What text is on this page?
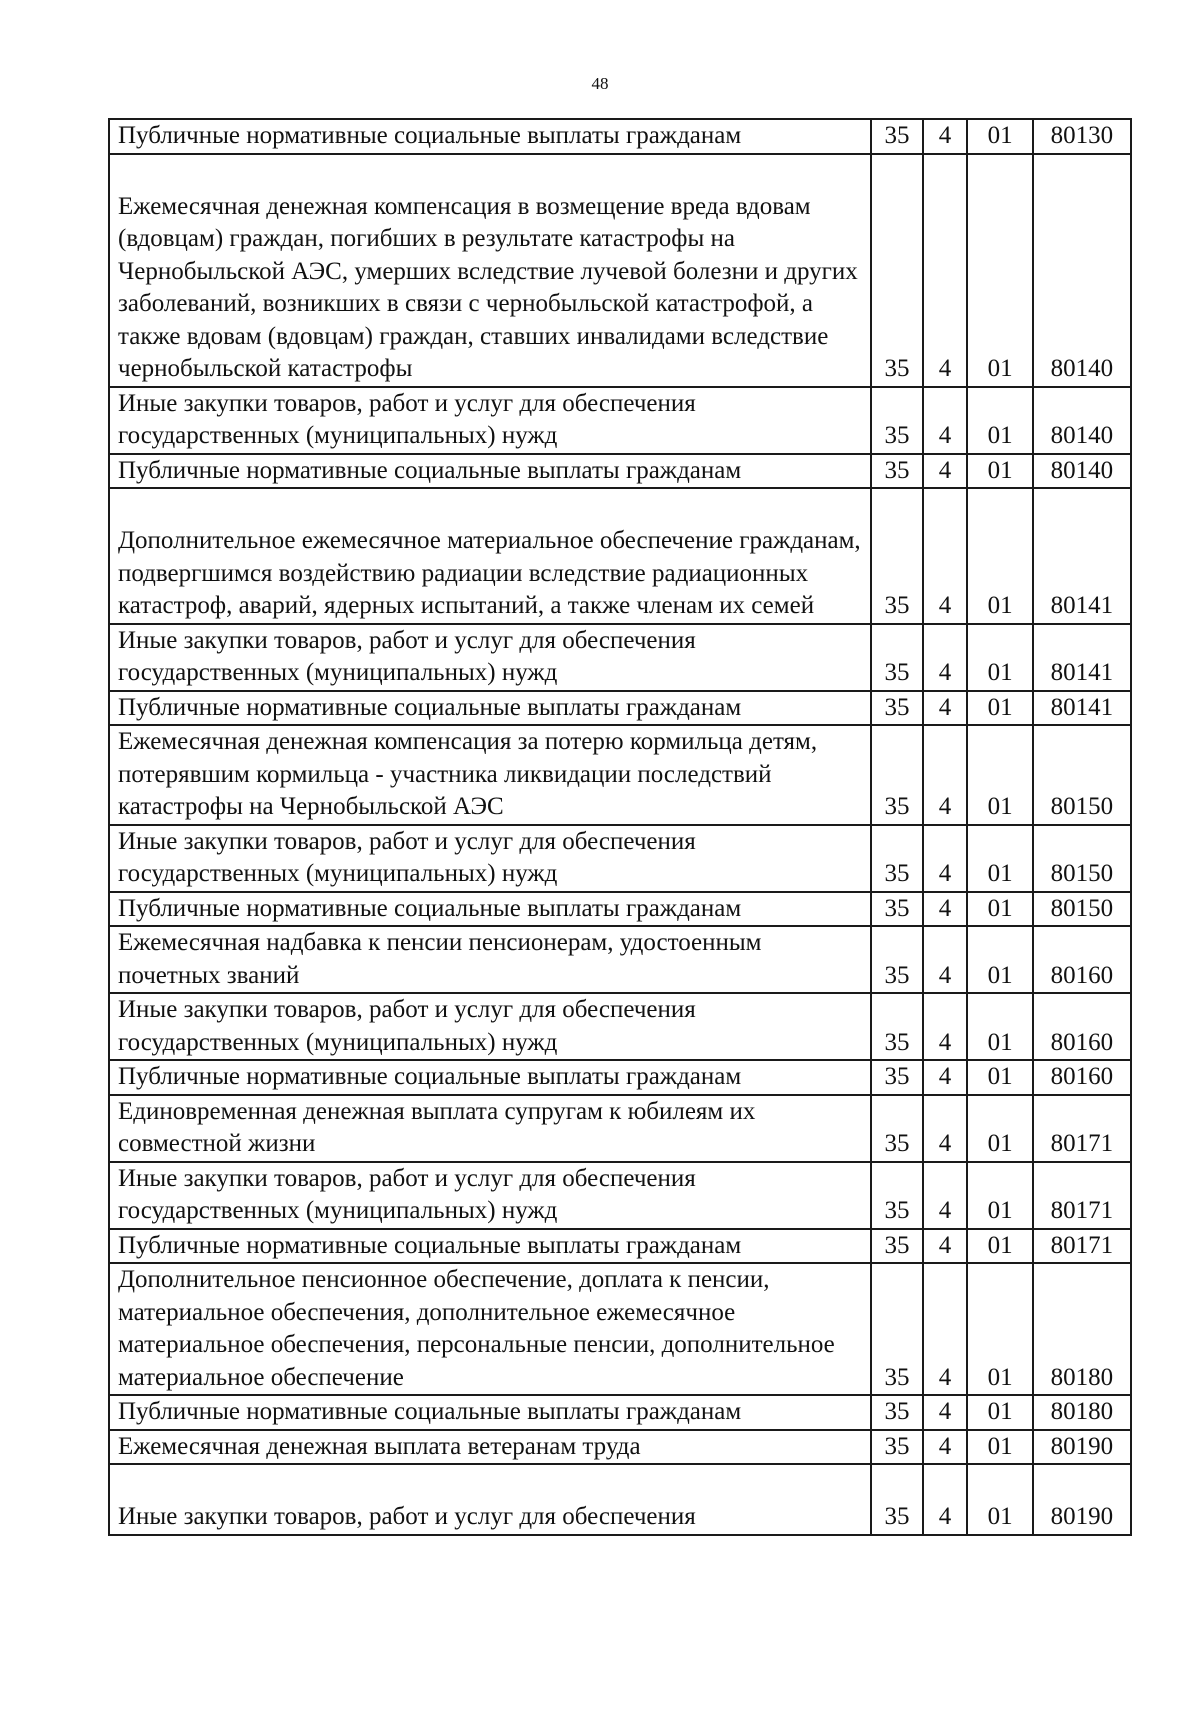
48
Публичные нормативные социальные выплаты гражданам	35	4	01	80130
Ежемесячная денежная компенсация в возмещение вреда вдовам (вдовцам) граждан, погибших в результате катастрофы на Чернобыльской АЭС, умерших вследствие лучевой болезни и других заболеваний, возникших в связи с чернобыльской катастрофой, а также вдовам (вдовцам) граждан, ставших инвалидами вследствие чернобыльской катастрофы	35	4	01	80140
Иные закупки товаров, работ и услуг для обеспечения государственных (муниципальных) нужд	35	4	01	80140
Публичные нормативные социальные выплаты гражданам	35	4	01	80140
Дополнительное ежемесячное материальное обеспечение гражданам, подвергшимся воздействию радиации вследствие радиационных катастроф, аварий, ядерных испытаний, а также членам их семей	35	4	01	80141
Иные закупки товаров, работ и услуг для обеспечения государственных (муниципальных) нужд	35	4	01	80141
Публичные нормативные социальные выплаты гражданам	35	4	01	80141
Ежемесячная денежная компенсация за потерю кормильца детям, потерявшим кормильца - участника ликвидации последствий катастрофы на Чернобыльской АЭС	35	4	01	80150
Иные закупки товаров, работ и услуг для обеспечения государственных (муниципальных) нужд	35	4	01	80150
Публичные нормативные социальные выплаты гражданам	35	4	01	80150
Ежемесячная надбавка к пенсии пенсионерам, удостоенным почетных званий	35	4	01	80160
Иные закупки товаров, работ и услуг для обеспечения государственных (муниципальных) нужд	35	4	01	80160
Публичные нормативные социальные выплаты гражданам	35	4	01	80160
Единовременная денежная выплата супругам к юбилеям их совместной жизни	35	4	01	80171
Иные закупки товаров, работ и услуг для обеспечения государственных (муниципальных) нужд	35	4	01	80171
Публичные нормативные социальные выплаты гражданам	35	4	01	80171
Дополнительное пенсионное обеспечение, доплата к пенсии, материальное обеспечения, дополнительное ежемесячное материальное обеспечения, персональные пенсии, дополнительное материальное обеспечение	35	4	01	80180
Публичные нормативные социальные выплаты гражданам	35	4	01	80180
Ежемесячная денежная выплата ветеранам труда	35	4	01	80190
Иные закупки товаров, работ и услуг для обеспечения	35	4	01	80190
